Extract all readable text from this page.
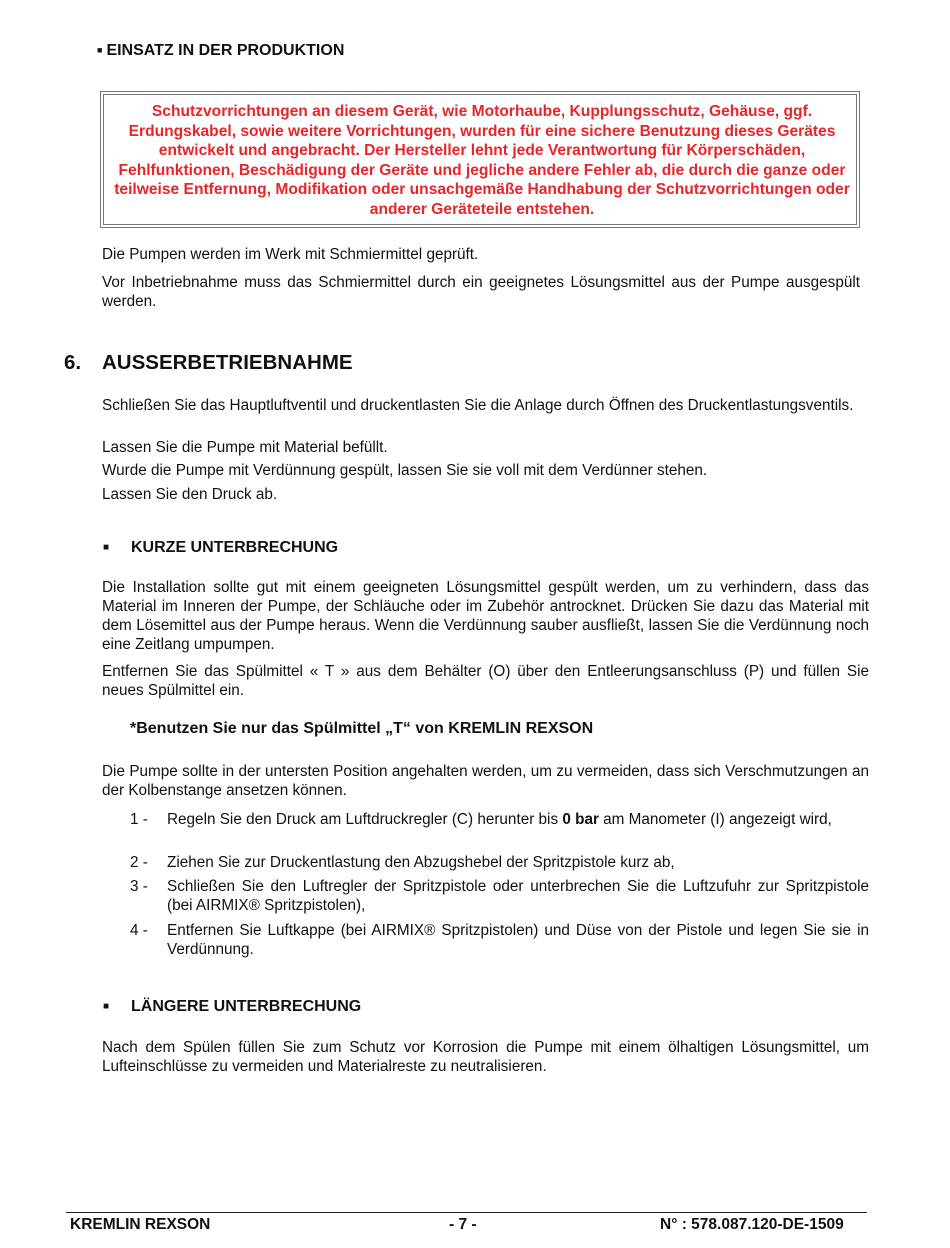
■ EINSATZ IN DER PRODUKTION
Schutzvorrichtungen an diesem Gerät, wie Motorhaube, Kupplungsschutz, Gehäuse, ggf. Erdungskabel, sowie weitere Vorrichtungen, wurden für eine sichere Benutzung dieses Gerätes entwickelt und angebracht. Der Hersteller lehnt jede Verantwortung für Körperschäden, Fehlfunktionen, Beschädigung der Geräte und jegliche andere Fehler ab, die durch die ganze oder teilweise Entfernung, Modifikation oder unsachgemäße Handhabung der Schutzvorrichtungen oder anderer Geräteteile entstehen.
Die Pumpen werden im Werk mit Schmiermittel geprüft.
Vor Inbetriebnahme muss das Schmiermittel durch ein geeignetes Lösungsmittel aus der Pumpe ausgespült werden.
6. AUSSERBETRIEBNAHME
Schließen Sie das Hauptluftventil und druckentlasten Sie die Anlage durch Öffnen des Druckentlastungsventils.
Lassen Sie die Pumpe mit Material befüllt.
Wurde die Pumpe mit Verdünnung gespült, lassen Sie sie voll mit dem Verdünner stehen.
Lassen Sie den Druck ab.
■ KURZE UNTERBRECHUNG
Die Installation sollte gut mit einem geeigneten Lösungsmittel gespült werden, um zu verhindern, dass das Material im Inneren der Pumpe, der Schläuche oder im Zubehör antrocknet. Drücken Sie dazu das Material mit dem Lösemittel aus der Pumpe heraus. Wenn die Verdünnung sauber ausfließt, lassen Sie die Verdünnung noch eine Zeitlang umpumpen.
Entfernen Sie das Spülmittel « T » aus dem Behälter (O) über den Entleerungsanschluss (P) und füllen Sie neues Spülmittel ein.
*Benutzen Sie nur das Spülmittel „T“ von KREMLIN REXSON
Die Pumpe sollte in der untersten Position angehalten werden, um zu vermeiden, dass sich Verschmutzungen an der Kolbenstange ansetzen können.
1 - Regeln Sie den Druck am Luftdruckregler (C) herunter bis 0 bar am Manometer (I) angezeigt wird,
2 - Ziehen Sie zur Druckentlastung den Abzugshebel der Spritzpistole kurz ab,
3 - Schließen Sie den Luftregler der Spritzpistole oder unterbrechen Sie die Luftzufuhr zur Spritzpistole (bei AIRMIX® Spritzpistolen),
4 - Entfernen Sie Luftkappe (bei AIRMIX® Spritzpistolen) und Düse von der Pistole und legen Sie sie in Verdünnung.
■ LÄNGERE UNTERBRECHUNG
Nach dem Spülen füllen Sie zum Schutz vor Korrosion die Pumpe mit einem ölhaltigen Lösungsmittel, um Lufteinschlüsse zu vermeiden und Materialreste zu neutralisieren.
KREMLIN REXSON	- 7 -	N° : 578.087.120-DE-1509
